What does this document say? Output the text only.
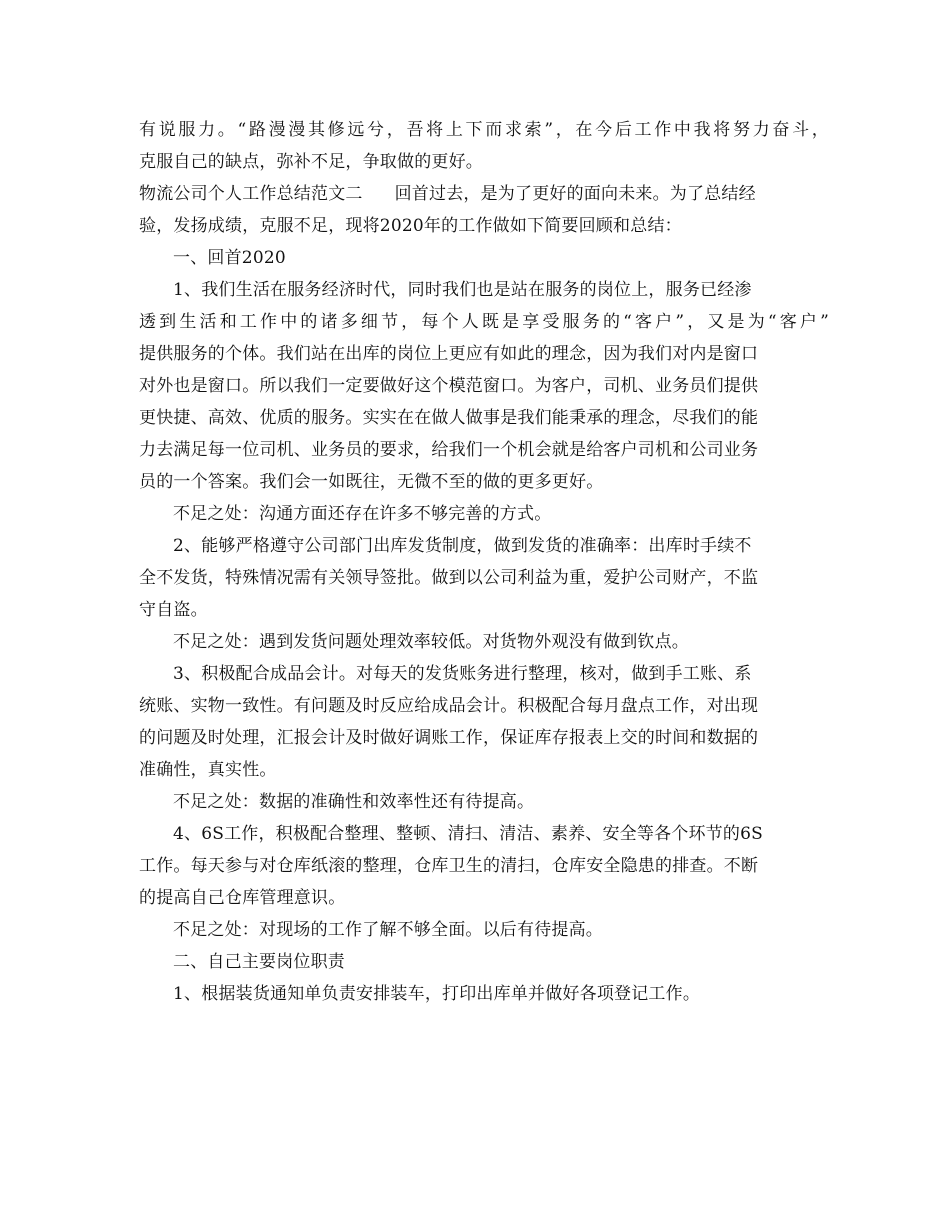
有说服力。“路漫漫其修远兮，吾将上下而求索”，在今后工作中我将努力奋斗，
克服自己的缺点，弥补不足，争取做的更好。
物流公司个人工作总结范文二 回首过去，是为了更好的面向未来。为了总结经
验，发扬成绩，克服不足，现将2020年的工作做如下简要回顾和总结：
一、回首2020
1、我们生活在服务经济时代，同时我们也是站在服务的岗位上，服务已经渗
透到生活和工作中的诸多细节，每个人既是享受服务的“客户”，又是为“客户”
提供服务的个体。我们站在出库的岗位上更应有如此的理念，因为我们对内是窗口
对外也是窗口。所以我们一定要做好这个模范窗口。为客户，司机、业务员们提供
更快捷、高效、优质的服务。实实在在做人做事是我们能秉承的理念，尽我们的能
力去满足每一位司机、业务员的要求，给我们一个机会就是给客户司机和公司业务
员的一个答案。我们会一如既往，无微不至的做的更多更好。
不足之处：沟通方面还存在许多不够完善的方式。
2、能够严格遵守公司部门出库发货制度，做到发货的准确率：出库时手续不
全不发货，特殊情况需有关领导签批。做到以公司利益为重，爱护公司财产，不监
守自盗。
不足之处：遇到发货问题处理效率较低。对货物外观没有做到钦点。
3、积极配合成品会计。对每天的发货账务进行整理，核对，做到手工账、系
统账、实物一致性。有问题及时反应给成品会计。积极配合每月盘点工作，对出现
的问题及时处理，汇报会计及时做好调账工作，保证库存报表上交的时间和数据的
准确性，真实性。
不足之处：数据的准确性和效率性还有待提高。
4、6S工作，积极配合整理、整顿、清扫、清洁、素养、安全等各个环节的6S
工作。每天参与对仓库纸滚的整理，仓库卫生的清扫，仓库安全隐患的排查。不断
的提高自己仓库管理意识。
不足之处：对现场的工作了解不够全面。以后有待提高。
二、自己主要岗位职责
1、根据装货通知单负责安排装车，打印出库单并做好各项登记工作。
